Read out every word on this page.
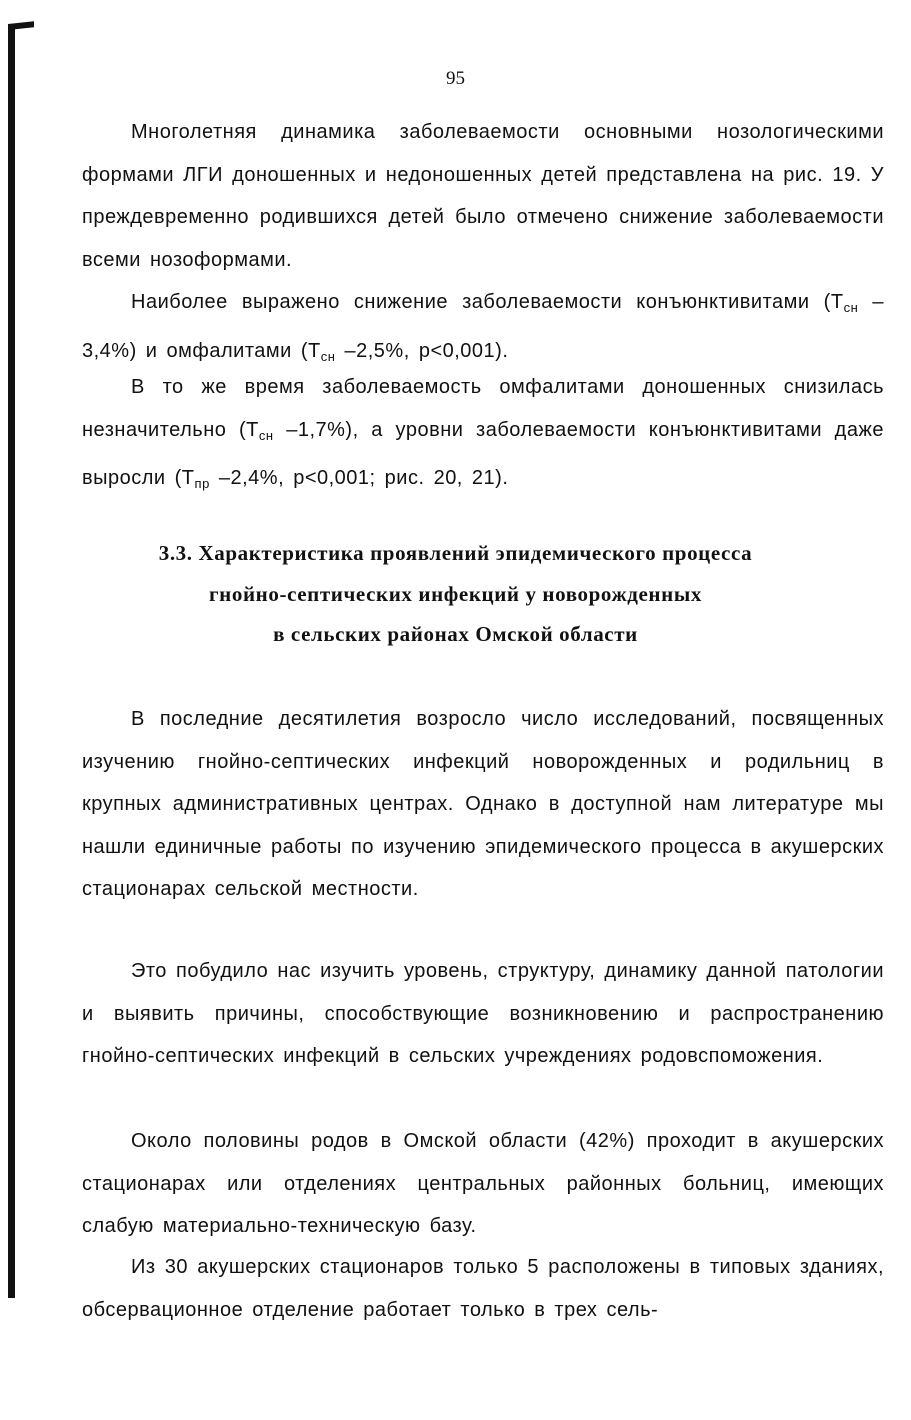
95

Многолетняя динамика заболеваемости основными нозологическими формами ЛГИ доношенных и недоношенных детей представлена на рис. 19. У преждевременно родившихся детей было отмечено снижение заболеваемости всеми нозоформами.

Наиболее выражено снижение заболеваемости конъюнктивитами ($Т_{сн}$ –3,4%) и омфалитами ($Т_{сн}$ –2,5%, р<0,001).

В то же время заболеваемость омфалитами доношенных снизилась незначительно ($Т_{сн}$ –1,7%), а уровни заболеваемости конъюнктивитами даже выросли ($Т_{пр}$ –2,4%, р<0,001; рис. 20, 21).

3.3. Характеристика проявлений эпидемического процесса
гнойно-септических инфекций у новорожденных
в сельских районах Омской области

В последние десятилетия возросло число исследований, посвященных изучению гнойно-септических инфекций новорожденных и родильниц в крупных административных центрах. Однако в доступной нам литературе мы нашли единичные работы по изучению эпидемического процесса в акушерских стационарах сельской местности.

Это побудило нас изучить уровень, структуру, динамику данной патологии и выявить причины, способствующие возникновению и распространению гнойно-септических инфекций в сельских учреждениях родовспоможения.

Около половины родов в Омской области (42%) проходит в акушерских стационарах или отделениях центральных районных больниц, имеющих слабую материально-техническую базу.

Из 30 акушерских стационаров только 5 расположены в типовых зданиях, обсервационное отделение работает только в трех сель-
